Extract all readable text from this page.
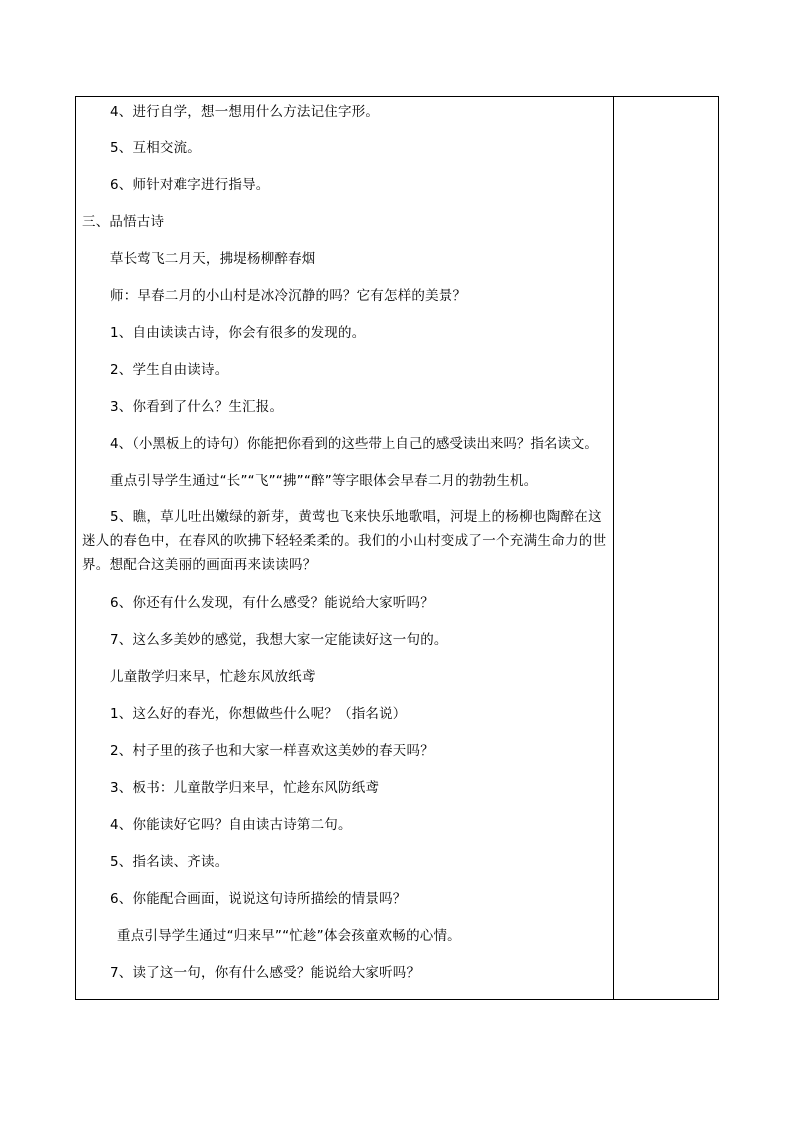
4、进行自学，想一想用什么方法记住字形。
5、互相交流。
6、师针对难字进行指导。
三、品悟古诗
草长莺飞二月天，拂堤杨柳醉春烟
师：早春二月的小山村是冰冷沉静的吗？它有怎样的美景？
1、自由读读古诗，你会有很多的发现的。
2、学生自由读诗。
3、你看到了什么？生汇报。
4、（小黑板上的诗句）你能把你看到的这些带上自己的感受读出来吗？指名读文。
重点引导学生通过“长”“飞”“拂”“醉”等字眼体会早春二月的勃勃生机。
5、瞧，草儿吐出嫩绿的新芽，黄莺也飞来快乐地歌唱，河堤上的杨柳也陶醉在这迷人的春色中，在春风的吹拂下轻轻柔柔的。我们的小山村变成了一个充满生命力的世界。想配合这美丽的画面再来读读吗？
6、你还有什么发现，有什么感受？能说给大家听吗？
7、这么多美妙的感觉，我想大家一定能读好这一句的。
儿童散学归来早，忙趁东风放纸鸢
1、这么好的春光，你想做些什么呢？（指名说）
2、村子里的孩子也和大家一样喜欢这美妙的春天吗？
3、板书：儿童散学归来早，忙趁东风防纸鸢
4、你能读好它吗？自由读古诗第二句。
5、指名读、齐读。
6、你能配合画面，说说这句诗所描绘的情景吗？
重点引导学生通过“归来早”“忙趁”体会孩童欢畅的心情。
7、读了这一句，你有什么感受？能说给大家听吗？
